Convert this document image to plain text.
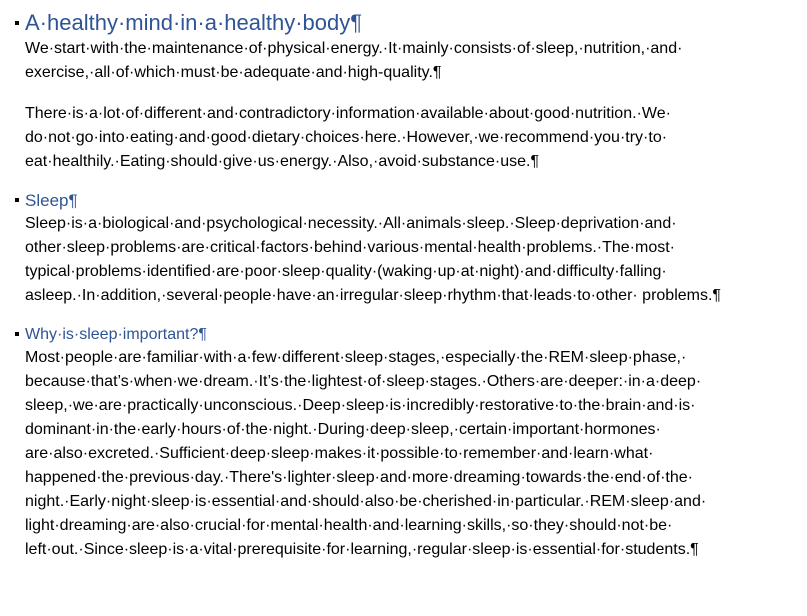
A·healthy·mind·in·a·healthy·body¶

We·start·with·the·maintenance·of·physical·energy.·It·mainly·consists·of·sleep,·nutrition,·and· exercise,·all·of·which·must·be·adequate·and·high-quality.¶

There·is·a·lot·of·different·and·contradictory·information·available·about·good·nutrition.·We· do·not·go·into·eating·and·good·dietary·choices·here.·However,·we·recommend·you·try·to· eat·healthily.·Eating·should·give·us·energy.·Also,·avoid·substance·use.¶

Sleep¶

Sleep·is·a·biological·and·psychological·necessity.·All·animals·sleep.·Sleep·deprivation·and· other·sleep·problems·are·critical·factors·behind·various·mental·health·problems.·The·most· typical·problems·identified·are·poor·sleep·quality·(waking·up·at·night)·and·difficulty·falling· asleep.·In·addition,·several·people·have·an·irregular·sleep·rhythm·that·leads·to·other· problems.¶

Why·is·sleep·important?¶

Most·people·are·familiar·with·a·few·different·sleep·stages,·especially·the·REM·sleep·phase,· because·that’s·when·we·dream.·It’s·the·lightest·of·sleep·stages.·Others·are·deeper:·in·a·deep· sleep,·we·are·practically·unconscious.·Deep·sleep·is·incredibly·restorative·to·the·brain·and·is· dominant·in·the·early·hours·of·the·night.·During·deep·sleep,·certain·important·hormones· are·also·excreted.·Sufficient·deep·sleep·makes·it·possible·to·remember·and·learn·what· happened·the·previous·day.·There's·lighter·sleep·and·more·dreaming·towards·the·end·of·the· night.·Early·night·sleep·is·essential·and·should·also·be·cherished·in·particular.·REM·sleep·and· light·dreaming·are·also·crucial·for·mental·health·and·learning·skills,·so·they·should·not·be· left·out.·Since·sleep·is·a·vital·prerequisite·for·learning,·regular·sleep·is·essential·for·students.¶
